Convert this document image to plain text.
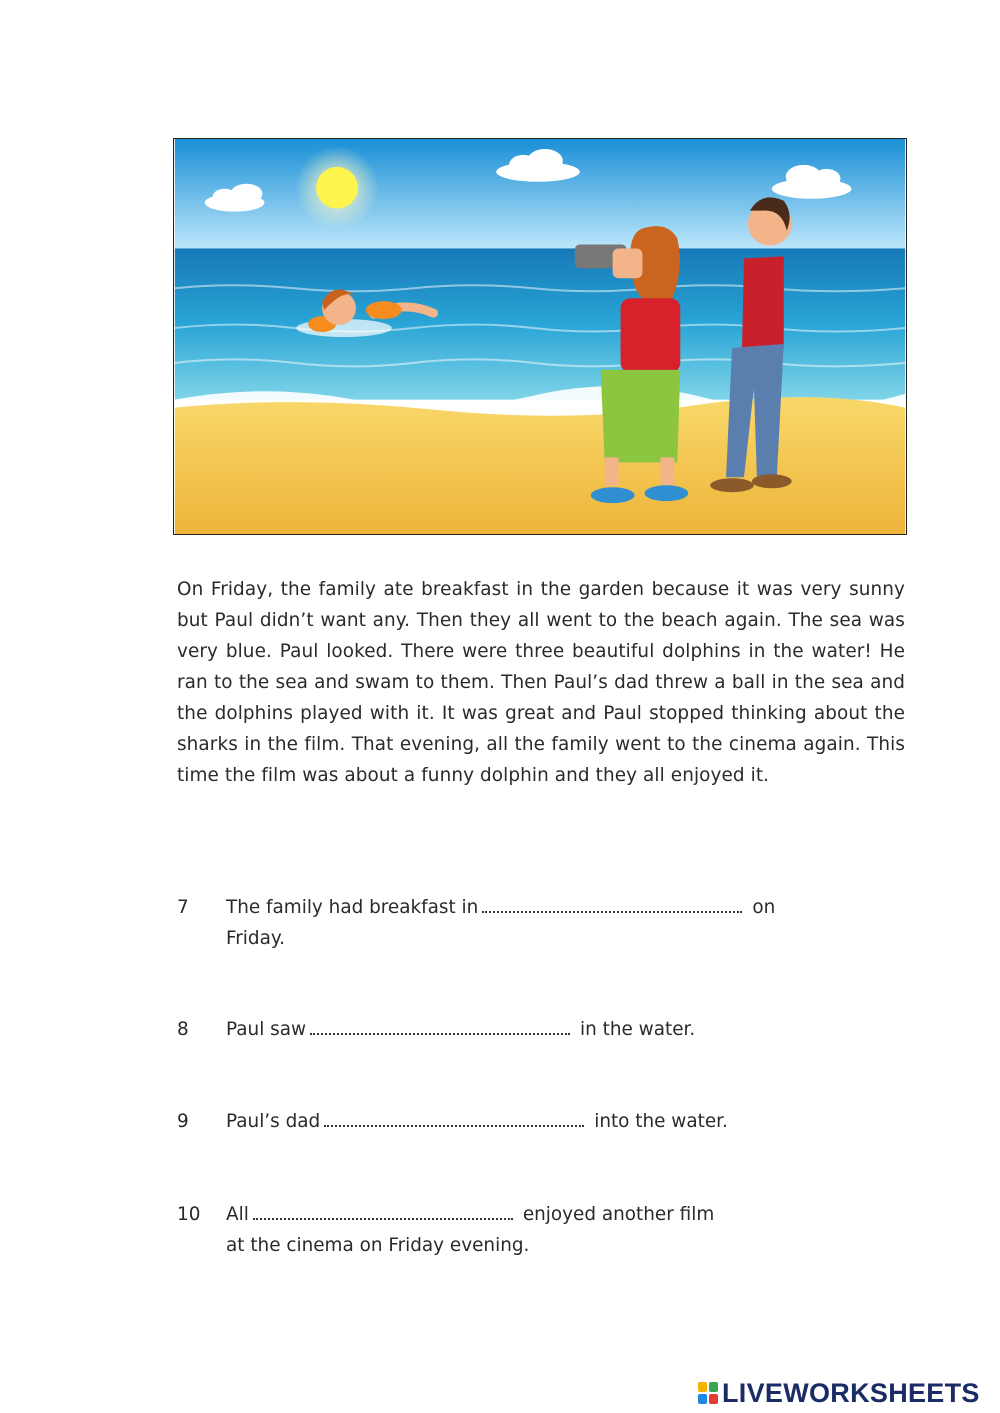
On Friday, the family ate breakfast in the garden because it was very sunny but Paul didn’t want any. Then they all went to the beach again. The sea was very blue. Paul looked. There were three beautiful dolphins in the water! He ran to the sea and swam to them. Then Paul’s dad threw a ball in the sea and the dolphins played with it. It was great and Paul stopped thinking about the sharks in the film. That evening, all the family went to the cinema again. This time the film was about a funny dolphin and they all enjoyed it.

7	The family had breakfast in	on
Friday.
8	Paul saw	in the water.
9	Paul’s dad	into the water.
10	All	enjoyed another film
at the cinema on Friday evening.
LIVEWORKSHEETS
